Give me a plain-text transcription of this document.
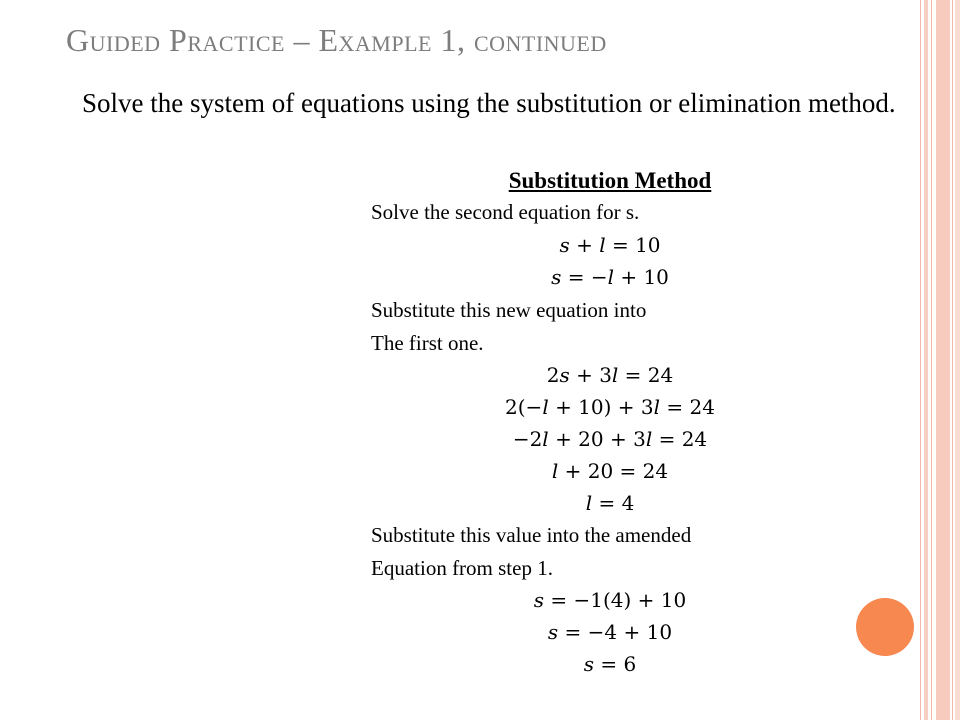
Guided Practice – Example 1, continued

Solve the system of equations using the substitution or elimination method.

Substitution Method
Solve the second equation for s.
𝑠 + 𝑙 = 10
𝑠 = −𝑙 + 10
Substitute this new equation into
The first one.
2𝑠 + 3𝑙 = 24
2(−𝑙 + 10) + 3𝑙 = 24
−2𝑙 + 20 + 3𝑙 = 24
𝑙 + 20 = 24
𝑙 = 4
Substitute this value into the amended
Equation from step 1.
𝑠 = −1(4) + 10
𝑠 = −4 + 10
𝑠 = 6
